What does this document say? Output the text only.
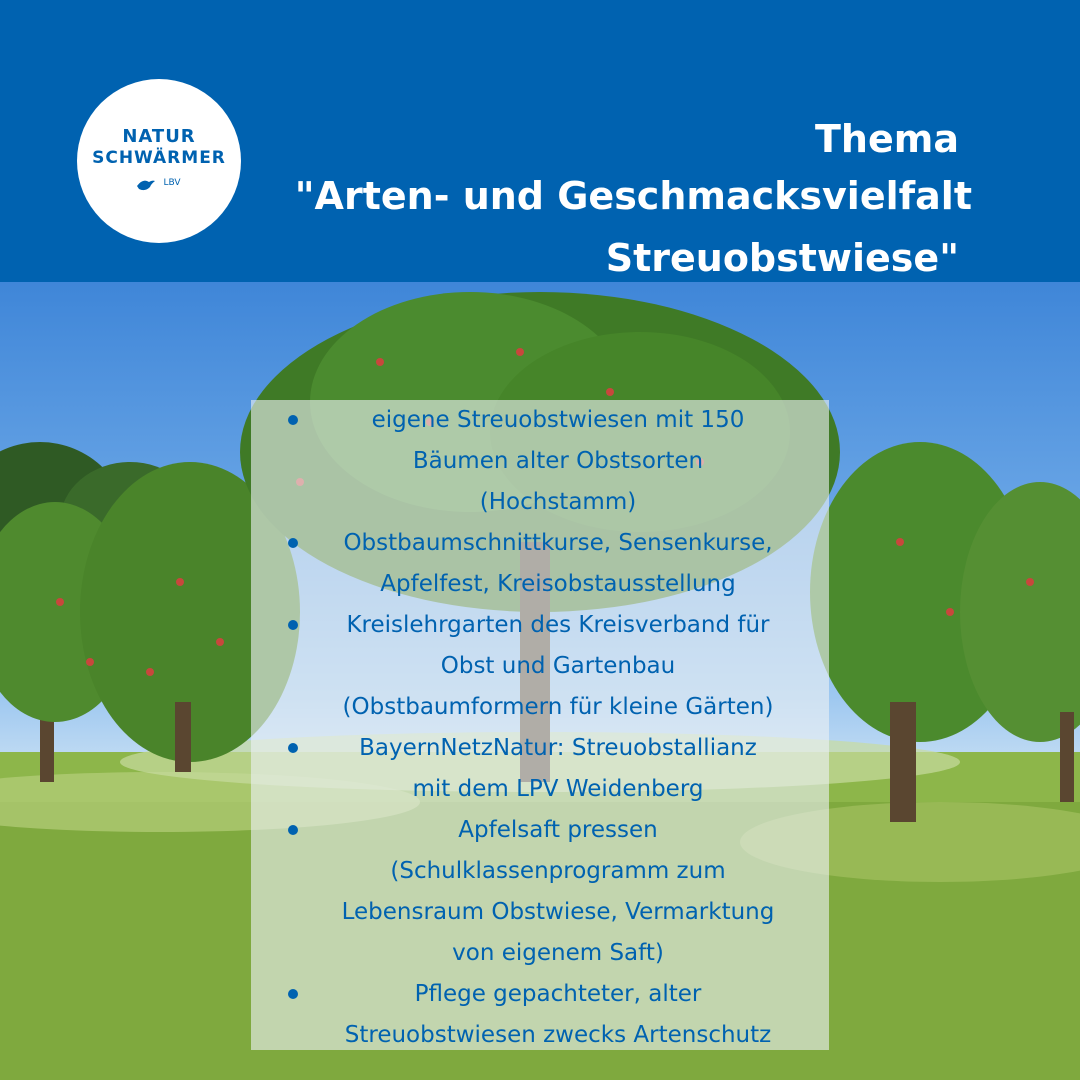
NATUR
SCHWÄRMER
LBV
Thema
"Arten- und Geschmacksvielfalt
Streuobstwiese"
eigene Streuobstwiesen mit 150
Bäumen alter Obstsorten
(Hochstamm)
Obstbaumschnittkurse, Sensenkurse,
Apfelfest, Kreisobstausstellung
Kreislehrgarten des Kreisverband für
Obst und Gartenbau
(Obstbaumformern für kleine Gärten)
BayernNetzNatur: Streuobstallianz
mit dem LPV Weidenberg
Apfelsaft pressen
(Schulklassenprogramm zum
Lebensraum Obstwiese, Vermarktung
von eigenem Saft)
Pflege gepachteter, alter
Streuobstwiesen zwecks Artenschutz
